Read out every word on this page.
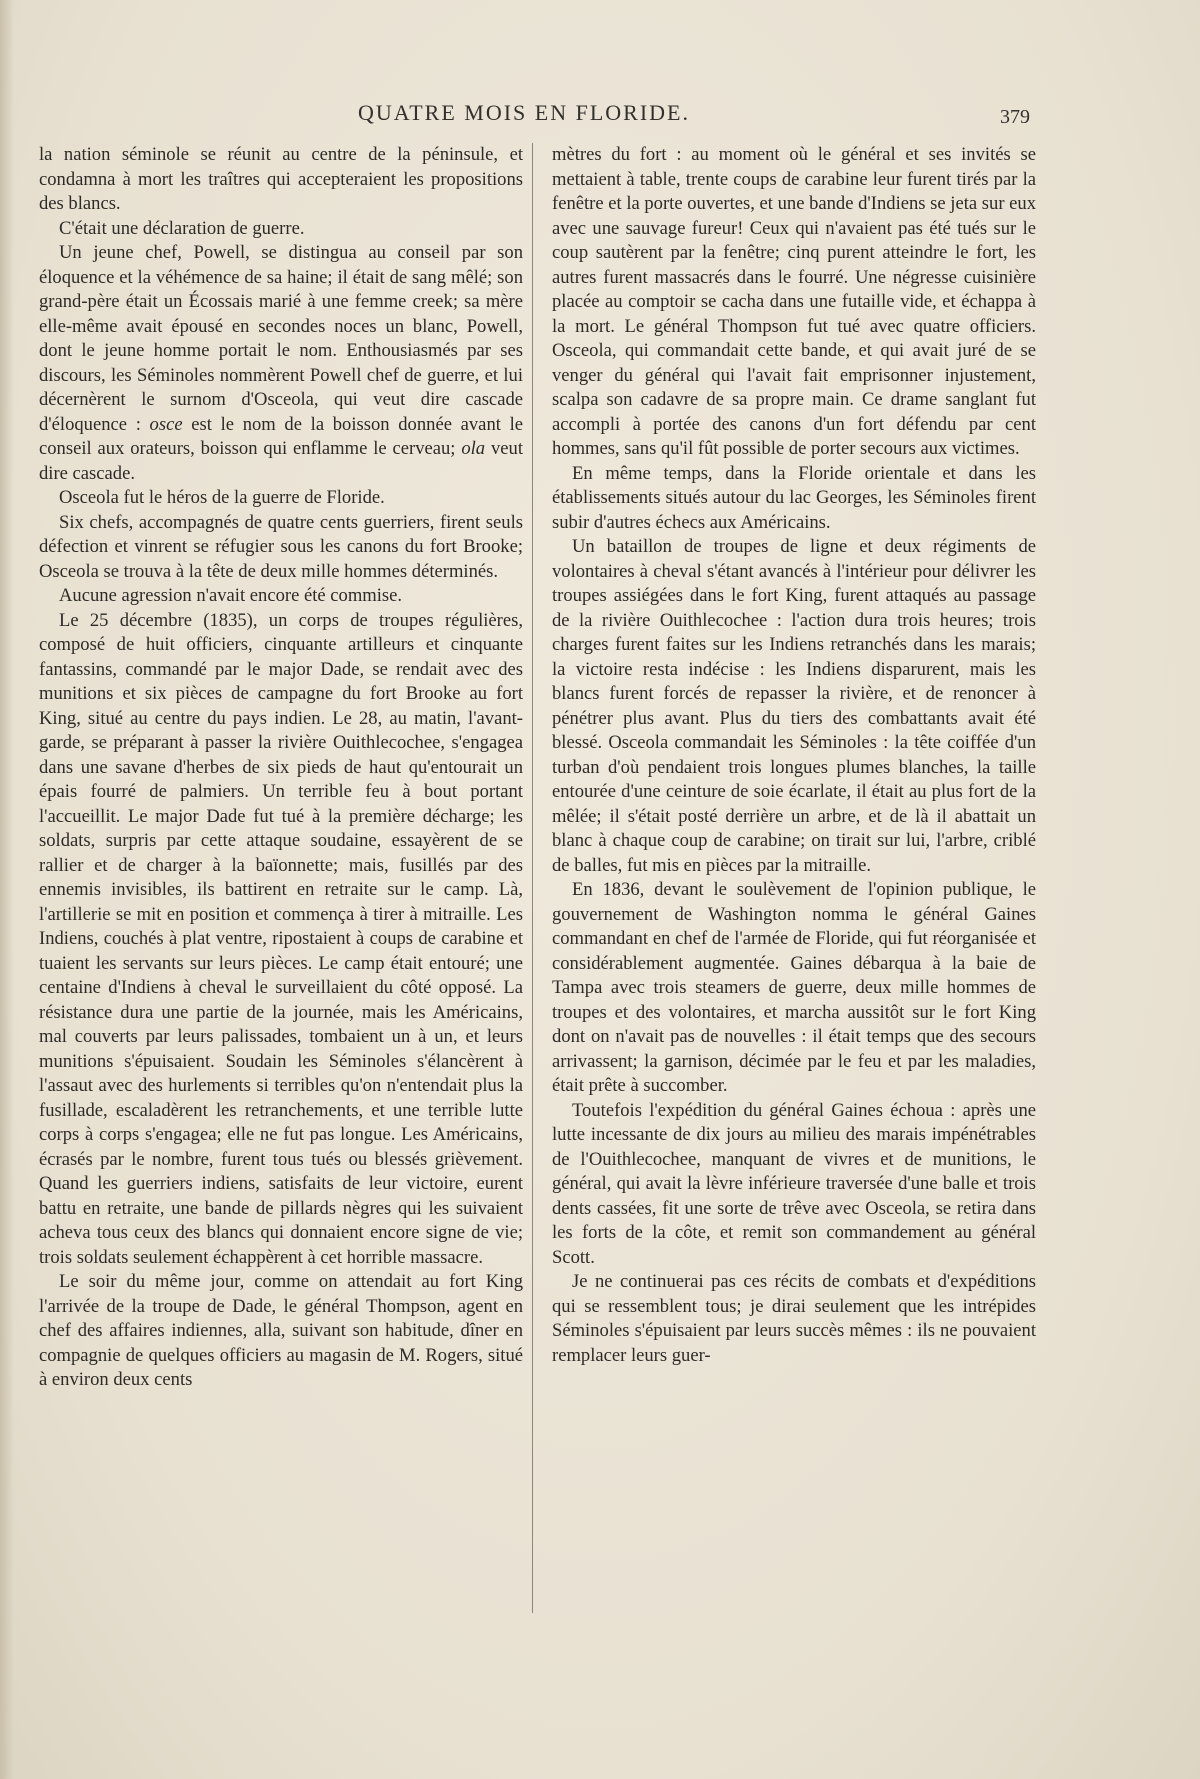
QUATRE MOIS EN FLORIDE.	379

la nation séminole se réunit au centre de la péninsule, et condamna à mort les traîtres qui accepteraient les propositions des blancs.

C'était une déclaration de guerre.

Un jeune chef, Powell, se distingua au conseil par son éloquence et la véhémence de sa haine; il était de sang mêlé; son grand-père était un Écossais marié à une femme creek; sa mère elle-même avait épousé en secondes noces un blanc, Powell, dont le jeune homme portait le nom. Enthousiasmés par ses discours, les Séminoles nommèrent Powell chef de guerre, et lui décernèrent le surnom d'Osceola, qui veut dire cascade d'éloquence : osce est le nom de la boisson donnée avant le conseil aux orateurs, boisson qui enflamme le cerveau; ola veut dire cascade.

Osceola fut le héros de la guerre de Floride.

Six chefs, accompagnés de quatre cents guerriers, firent seuls défection et vinrent se réfugier sous les canons du fort Brooke; Osceola se trouva à la tête de deux mille hommes déterminés.

Aucune agression n'avait encore été commise.

Le 25 décembre (1835), un corps de troupes régulières, composé de huit officiers, cinquante artilleurs et cinquante fantassins, commandé par le major Dade, se rendait avec des munitions et six pièces de campagne du fort Brooke au fort King, situé au centre du pays indien. Le 28, au matin, l'avant-garde, se préparant à passer la rivière Ouithlecochee, s'engagea dans une savane d'herbes de six pieds de haut qu'entourait un épais fourré de palmiers. Un terrible feu à bout portant l'accueillit. Le major Dade fut tué à la première décharge; les soldats, surpris par cette attaque soudaine, essayèrent de se rallier et de charger à la baïonnette; mais, fusillés par des ennemis invisibles, ils battirent en retraite sur le camp. Là, l'artillerie se mit en position et commença à tirer à mitraille. Les Indiens, couchés à plat ventre, ripostaient à coups de carabine et tuaient les servants sur leurs pièces. Le camp était entouré; une centaine d'Indiens à cheval le surveillaient du côté opposé. La résistance dura une partie de la journée, mais les Américains, mal couverts par leurs palissades, tombaient un à un, et leurs munitions s'épuisaient. Soudain les Séminoles s'élancèrent à l'assaut avec des hurlements si terribles qu'on n'entendait plus la fusillade, escaladèrent les retranchements, et une terrible lutte corps à corps s'engagea; elle ne fut pas longue. Les Américains, écrasés par le nombre, furent tous tués ou blessés grièvement. Quand les guerriers indiens, satisfaits de leur victoire, eurent battu en retraite, une bande de pillards nègres qui les suivaient acheva tous ceux des blancs qui donnaient encore signe de vie; trois soldats seulement échappèrent à cet horrible massacre.

Le soir du même jour, comme on attendait au fort King l'arrivée de la troupe de Dade, le général Thompson, agent en chef des affaires indiennes, alla, suivant son habitude, dîner en compagnie de quelques officiers au magasin de M. Rogers, situé à environ deux cents

mètres du fort : au moment où le général et ses invités se mettaient à table, trente coups de carabine leur furent tirés par la fenêtre et la porte ouvertes, et une bande d'Indiens se jeta sur eux avec une sauvage fureur! Ceux qui n'avaient pas été tués sur le coup sautèrent par la fenêtre; cinq purent atteindre le fort, les autres furent massacrés dans le fourré. Une négresse cuisinière placée au comptoir se cacha dans une futaille vide, et échappa à la mort. Le général Thompson fut tué avec quatre officiers. Osceola, qui commandait cette bande, et qui avait juré de se venger du général qui l'avait fait emprisonner injustement, scalpa son cadavre de sa propre main. Ce drame sanglant fut accompli à portée des canons d'un fort défendu par cent hommes, sans qu'il fût possible de porter secours aux victimes.

En même temps, dans la Floride orientale et dans les établissements situés autour du lac Georges, les Séminoles firent subir d'autres échecs aux Américains.

Un bataillon de troupes de ligne et deux régiments de volontaires à cheval s'étant avancés à l'intérieur pour délivrer les troupes assiégées dans le fort King, furent attaqués au passage de la rivière Ouithlecochee : l'action dura trois heures; trois charges furent faites sur les Indiens retranchés dans les marais; la victoire resta indécise : les Indiens disparurent, mais les blancs furent forcés de repasser la rivière, et de renoncer à pénétrer plus avant. Plus du tiers des combattants avait été blessé. Osceola commandait les Séminoles : la tête coiffée d'un turban d'où pendaient trois longues plumes blanches, la taille entourée d'une ceinture de soie écarlate, il était au plus fort de la mêlée; il s'était posté derrière un arbre, et de là il abattait un blanc à chaque coup de carabine; on tirait sur lui, l'arbre, criblé de balles, fut mis en pièces par la mitraille.

En 1836, devant le soulèvement de l'opinion publique, le gouvernement de Washington nomma le général Gaines commandant en chef de l'armée de Floride, qui fut réorganisée et considérablement augmentée. Gaines débarqua à la baie de Tampa avec trois steamers de guerre, deux mille hommes de troupes et des volontaires, et marcha aussitôt sur le fort King dont on n'avait pas de nouvelles : il était temps que des secours arrivassent; la garnison, décimée par le feu et par les maladies, était prête à succomber.

Toutefois l'expédition du général Gaines échoua : après une lutte incessante de dix jours au milieu des marais impénétrables de l'Ouithlecochee, manquant de vivres et de munitions, le général, qui avait la lèvre inférieure traversée d'une balle et trois dents cassées, fit une sorte de trêve avec Osceola, se retira dans les forts de la côte, et remit son commandement au général Scott.

Je ne continuerai pas ces récits de combats et d'expéditions qui se ressemblent tous; je dirai seulement que les intrépides Séminoles s'épuisaient par leurs succès mêmes : ils ne pouvaient remplacer leurs guer-
